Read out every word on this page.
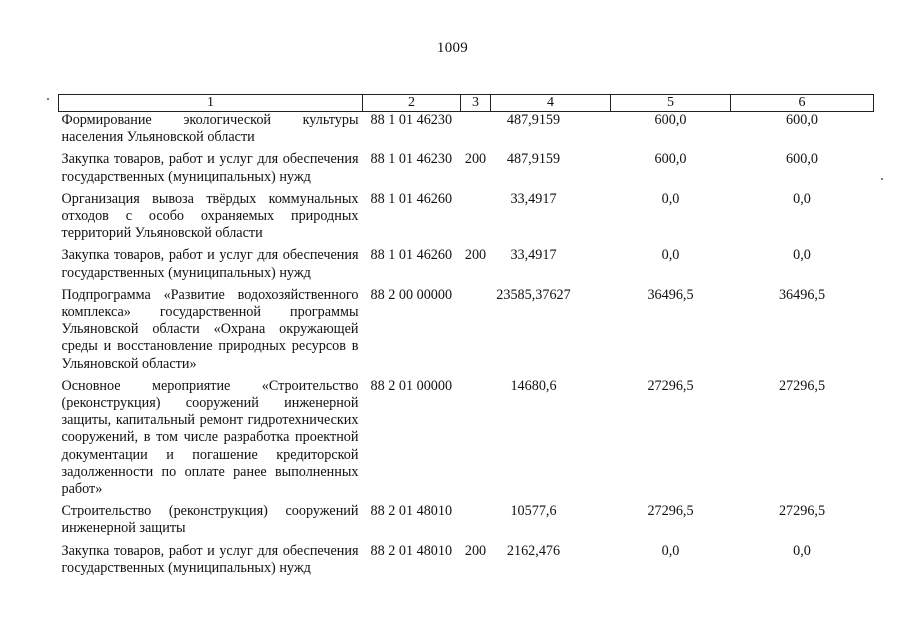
1009
1	2	3	4	5	6
Формирование экологической культуры населения Ульяновской области	88 1 01 46230		487,9159	600,0	600,0
Закупка товаров, работ и услуг для обеспечения государственных (муниципальных) нужд	88 1 01 46230	200	487,9159	600,0	600,0
Организация вывоза твёрдых коммунальных отходов с особо охраняемых природных территорий Ульяновской области	88 1 01 46260		33,4917	0,0	0,0
Закупка товаров, работ и услуг для обеспечения государственных (муниципальных) нужд	88 1 01 46260	200	33,4917	0,0	0,0
Подпрограмма «Развитие водохозяйственного комплекса» государственной программы Ульяновской области «Охрана окружающей среды и восстановление природных ресурсов в Ульяновской области»	88 2 00 00000		23585,37627	36496,5	36496,5
Основное мероприятие «Строительство (реконструкция) сооружений инженерной защиты, капитальный ремонт гидротехнических сооружений, в том числе разработка проектной документации и погашение кредиторской задолженности по оплате ранее выполненных работ»	88 2 01 00000		14680,6	27296,5	27296,5
Строительство (реконструкция) сооружений инженерной защиты	88 2 01 48010		10577,6	27296,5	27296,5
Закупка товаров, работ и услуг для обеспечения государственных (муниципальных) нужд	88 2 01 48010	200	2162,476	0,0	0,0
